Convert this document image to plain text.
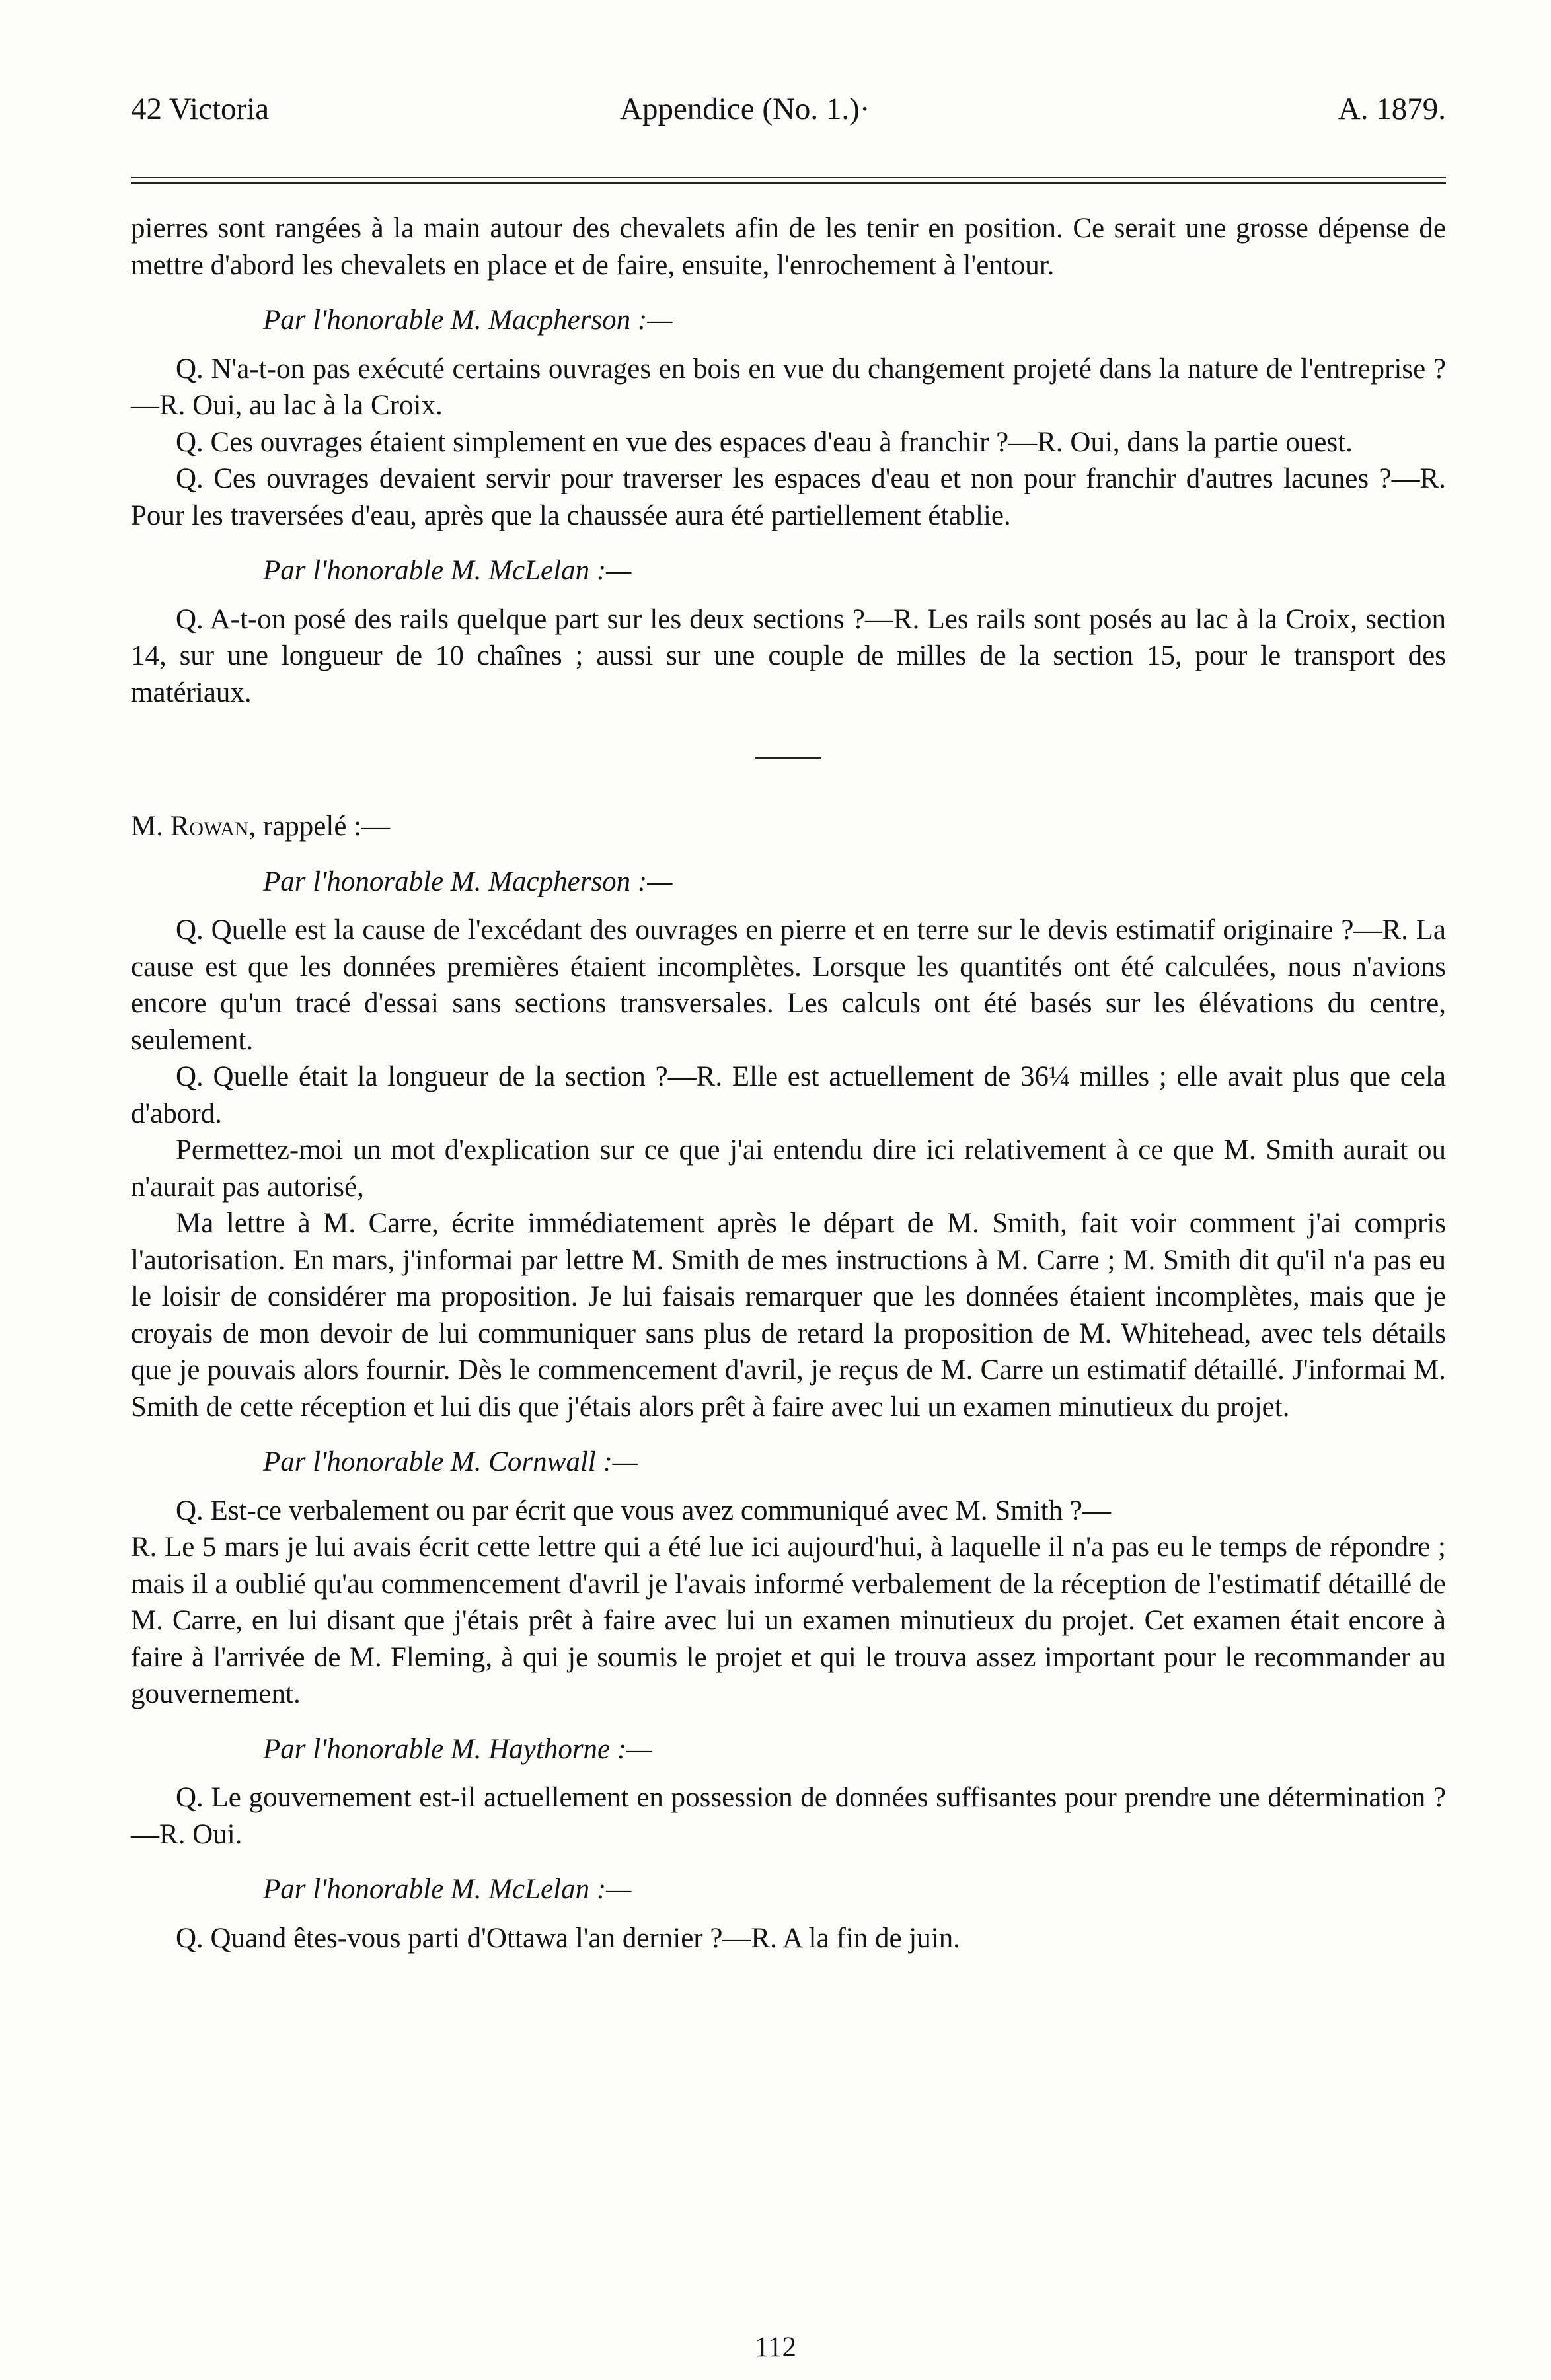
42 Victoria	Appendice (No. 1.)·	A. 1879.

pierres sont rangées à la main autour des chevalets afin de les tenir en position. Ce serait une grosse dépense de mettre d'abord les chevalets en place et de faire, ensuite, l'enrochement à l'entour.

Par l'honorable M. Macpherson :—

Q. N'a-t-on pas exécuté certains ouvrages en bois en vue du changement projeté dans la nature de l'entreprise ?—R. Oui, au lac à la Croix.

Q. Ces ouvrages étaient simplement en vue des espaces d'eau à franchir ?—R. Oui, dans la partie ouest.

Q. Ces ouvrages devaient servir pour traverser les espaces d'eau et non pour franchir d'autres lacunes ?—R. Pour les traversées d'eau, après que la chaussée aura été partiellement établie.

Par l'honorable M. McLelan :—

Q. A-t-on posé des rails quelque part sur les deux sections ?—R. Les rails sont posés au lac à la Croix, section 14, sur une longueur de 10 chaînes ; aussi sur une couple de milles de la section 15, pour le transport des matériaux.

M. Rowan, rappelé :—

Par l'honorable M. Macpherson :—

Q. Quelle est la cause de l'excédant des ouvrages en pierre et en terre sur le devis estimatif originaire ?—R. La cause est que les données premières étaient incomplètes. Lorsque les quantités ont été calculées, nous n'avions encore qu'un tracé d'essai sans sections transversales. Les calculs ont été basés sur les élévations du centre, seulement.

Q. Quelle était la longueur de la section ?—R. Elle est actuellement de 36¼ milles ; elle avait plus que cela d'abord.

Permettez-moi un mot d'explication sur ce que j'ai entendu dire ici relativement à ce que M. Smith aurait ou n'aurait pas autorisé,

Ma lettre à M. Carre, écrite immédiatement après le départ de M. Smith, fait voir comment j'ai compris l'autorisation. En mars, j'informai par lettre M. Smith de mes instructions à M. Carre ; M. Smith dit qu'il n'a pas eu le loisir de considérer ma proposition. Je lui faisais remarquer que les données étaient incomplètes, mais que je croyais de mon devoir de lui communiquer sans plus de retard la proposition de M. Whitehead, avec tels détails que je pouvais alors fournir. Dès le commencement d'avril, je reçus de M. Carre un estimatif détaillé. J'informai M. Smith de cette réception et lui dis que j'étais alors prêt à faire avec lui un examen minutieux du projet.

Par l'honorable M. Cornwall :—

Q. Est-ce verbalement ou par écrit que vous avez communiqué avec M. Smith ?—

R. Le 5 mars je lui avais écrit cette lettre qui a été lue ici aujourd'hui, à laquelle il n'a pas eu le temps de répondre ; mais il a oublié qu'au commencement d'avril je l'avais informé verbalement de la réception de l'estimatif détaillé de M. Carre, en lui disant que j'étais prêt à faire avec lui un examen minutieux du projet. Cet examen était encore à faire à l'arrivée de M. Fleming, à qui je soumis le projet et qui le trouva assez important pour le recommander au gouvernement.

Par l'honorable M. Haythorne :—

Q. Le gouvernement est-il actuellement en possession de données suffisantes pour prendre une détermination ?—R. Oui.

Par l'honorable M. McLelan :—

Q. Quand êtes-vous parti d'Ottawa l'an dernier ?—R. A la fin de juin.

112
